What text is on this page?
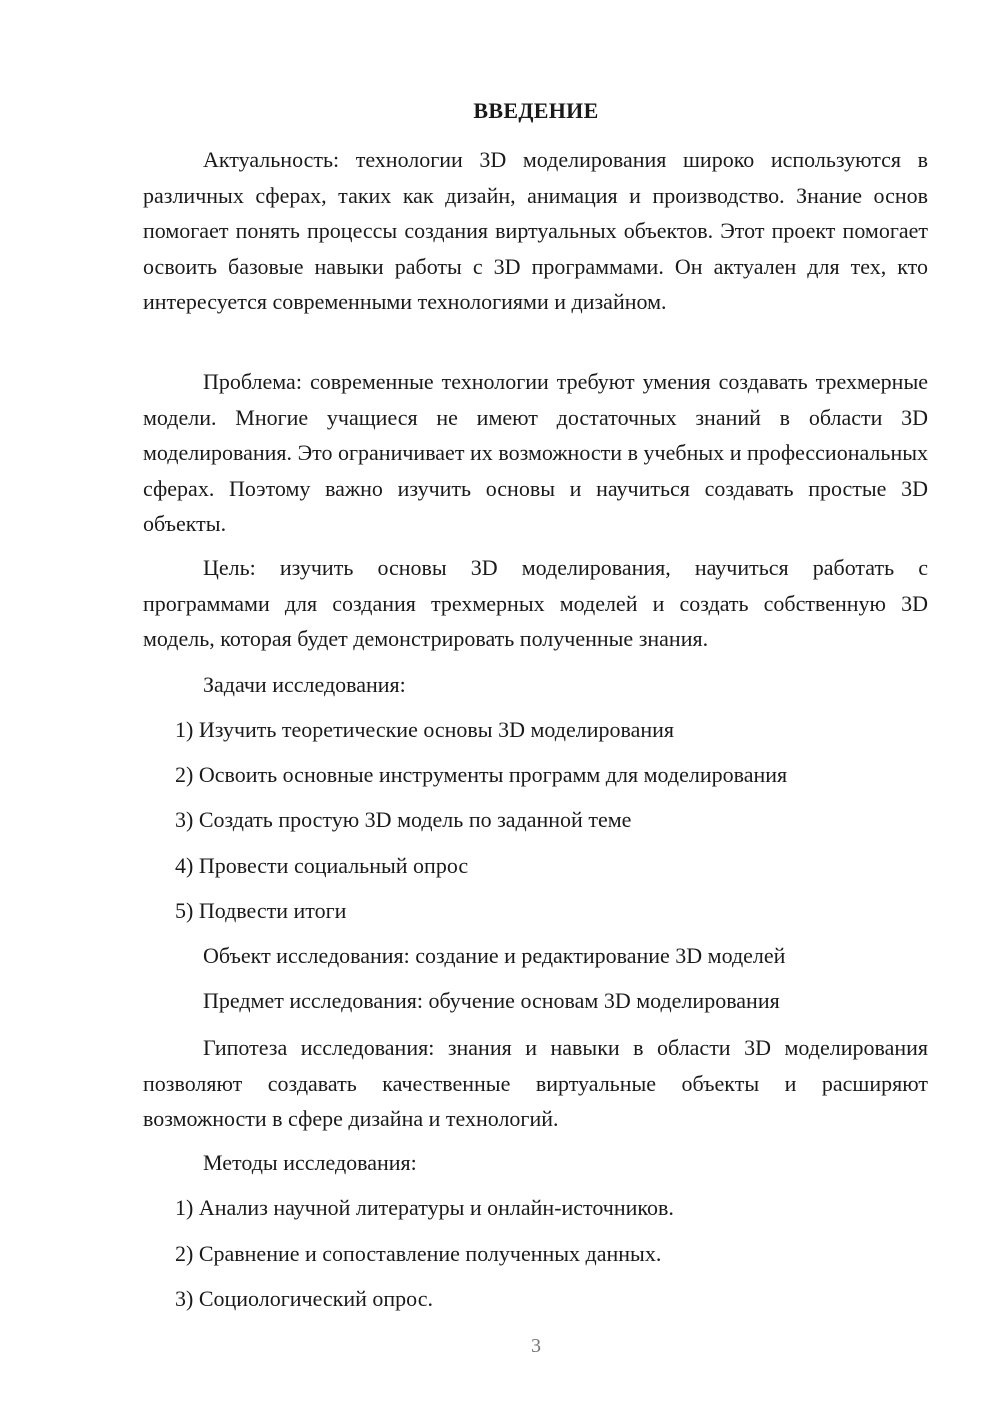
ВВЕДЕНИЕ

Актуальность: технологии 3D моделирования широко используются в различных сферах, таких как дизайн, анимация и производство. Знание основ помогает понять процессы создания виртуальных объектов. Этот проект помогает освоить базовые навыки работы с 3D программами. Он актуален для тех, кто интересуется современными технологиями и дизайном.

Проблема: современные технологии требуют умения создавать трехмерные модели. Многие учащиеся не имеют достаточных знаний в области 3D моделирования. Это ограничивает их возможности в учебных и профессиональных сферах. Поэтому важно изучить основы и научиться создавать простые 3D объекты.

Цель: изучить основы 3D моделирования, научиться работать с программами для создания трехмерных моделей и создать собственную 3D модель, которая будет демонстрировать полученные знания.

Задачи исследования:
1) Изучить теоретические основы 3D моделирования
2) Освоить основные инструменты программ для моделирования
3) Создать простую 3D модель по заданной теме
4) Провести социальный опрос
5) Подвести итоги
Объект исследования: создание и редактирование 3D моделей
Предмет исследования: обучение основам 3D моделирования

Гипотеза исследования: знания и навыки в области 3D моделирования позволяют создавать качественные виртуальные объекты и расширяют возможности в сфере дизайна и технологий.

Методы исследования:
1) Анализ научной литературы и онлайн-источников.
2) Сравнение и сопоставление полученных данных.
3) Социологический опрос.
3
